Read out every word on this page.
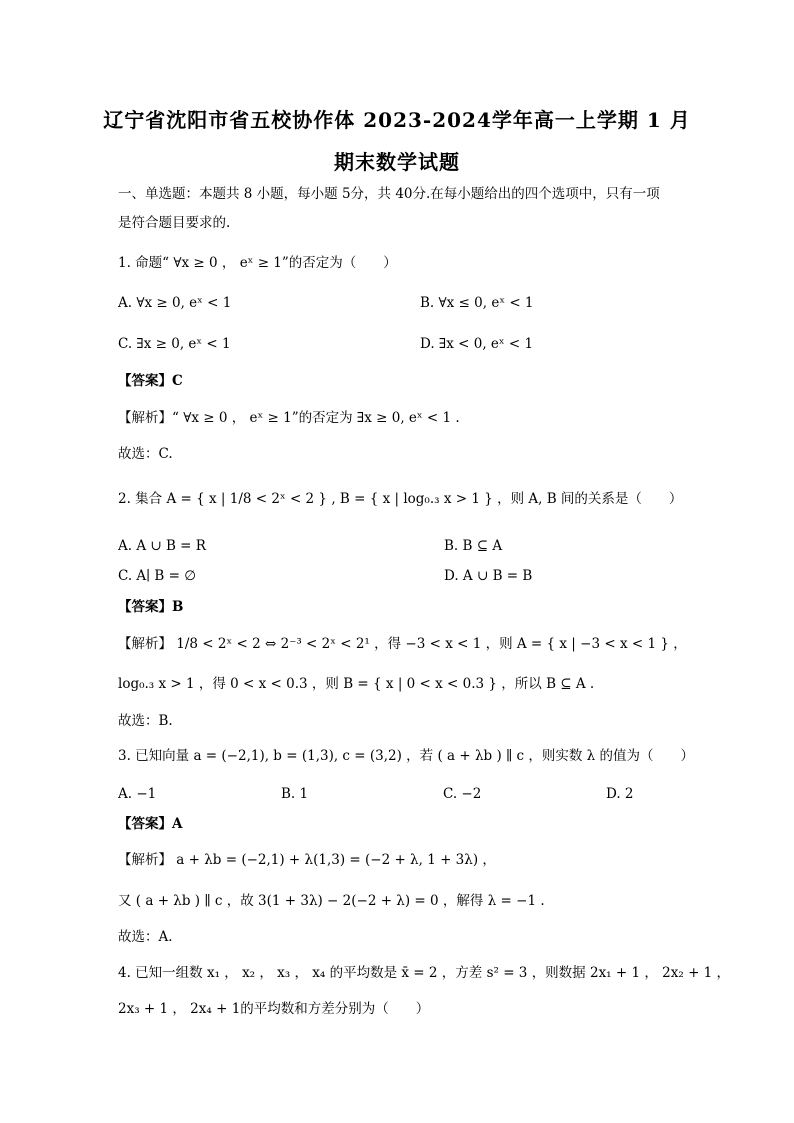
辽宁省沈阳市省五校协作体 2023-2024学年高一上学期 1 月
期末数学试题
一、单选题：本题共 8 小题，每小题 5分，共 40分.在每小题给出的四个选项中，只有一项
是符合题目要求的.
1. 命题“ ∀x ≥ 0 ， eˣ ≥ 1”的否定为（　　）
A. ∀x ≥ 0, eˣ < 1	B. ∀x ≤ 0, eˣ < 1
C. ∃x ≥ 0, eˣ < 1	D. ∃x < 0, eˣ < 1
【答案】C
【解析】“ ∀x ≥ 0 ， eˣ ≥ 1”的否定为 ∃x ≥ 0, eˣ < 1 .
故选：C.
2. 集合 A = { x | 1/8 < 2ˣ < 2 } , B = { x | log₀.₃ x > 1 } ，则 A, B 间的关系是（　　）
A. A ∪ B = R	B. B ⊆ A
C. A∣ B = ∅	D. A ∪ B = B
【答案】B
【解析】 1/8 < 2ˣ < 2 ⇔ 2⁻³ < 2ˣ < 2¹ ，得 −3 < x < 1 ，则 A = { x | −3 < x < 1 } ，
log₀.₃ x > 1 ，得 0 < x < 0.3 ，则 B = { x | 0 < x < 0.3 } ，所以 B ⊆ A .
故选：B.
3. 已知向量 a = (−2,1), b = (1,3), c = (3,2) ，若 ( a + λb ) ∥ c ，则实数 λ 的值为（　　）
A. −1	B. 1	C. −2	D. 2
【答案】A
【解析】 a + λb = (−2,1) + λ(1,3) = (−2 + λ, 1 + 3λ) ，
又 ( a + λb ) ∥ c ，故 3(1 + 3λ) − 2(−2 + λ) = 0 ，解得 λ = −1 .
故选：A.
4. 已知一组数 x₁ ， x₂ ， x₃ ， x₄ 的平均数是 x̄ = 2 ，方差 s² = 3 ，则数据 2x₁ + 1 ， 2x₂ + 1 ，
2x₃ + 1 ， 2x₄ + 1的平均数和方差分别为（　　）
